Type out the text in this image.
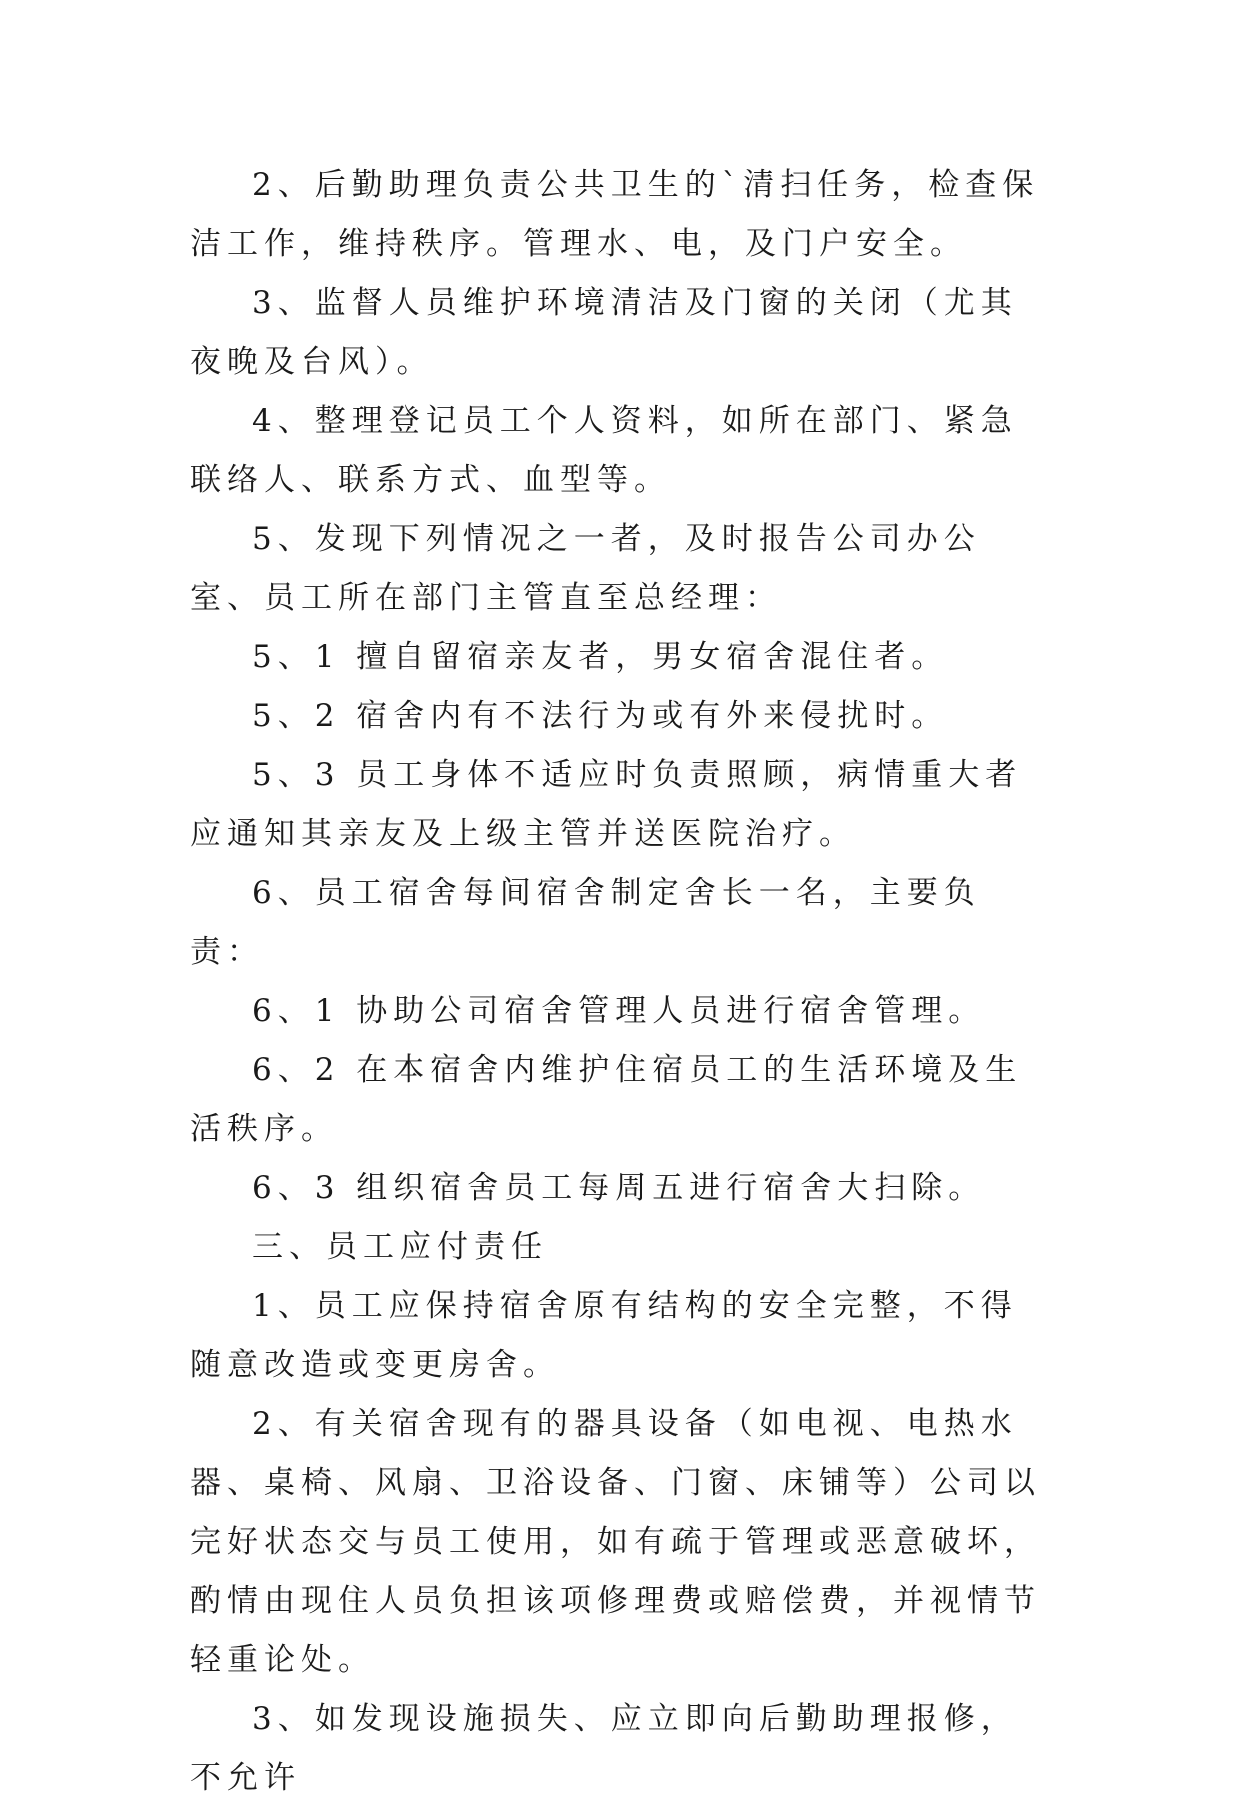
2、后勤助理负责公共卫生的`清扫任务，检查保洁工作，维持秩序。管理水、电，及门户安全。

3、监督人员维护环境清洁及门窗的关闭（尤其夜晚及台风）。

4、整理登记员工个人资料，如所在部门、紧急联络人、联系方式、血型等。

5、发现下列情况之一者，及时报告公司办公室、员工所在部门主管直至总经理：

5、1 擅自留宿亲友者，男女宿舍混住者。

5、2 宿舍内有不法行为或有外来侵扰时。

5、3 员工身体不适应时负责照顾，病情重大者应通知其亲友及上级主管并送医院治疗。

6、员工宿舍每间宿舍制定舍长一名，主要负责：

6、1 协助公司宿舍管理人员进行宿舍管理。

6、2 在本宿舍内维护住宿员工的生活环境及生活秩序。

6、3 组织宿舍员工每周五进行宿舍大扫除。

三、员工应付责任

1、员工应保持宿舍原有结构的安全完整，不得随意改造或变更房舍。

2、有关宿舍现有的器具设备（如电视、电热水器、桌椅、风扇、卫浴设备、门窗、床铺等）公司以完好状态交与员工使用，如有疏于管理或恶意破坏，酌情由现住人员负担该项修理费或赔偿费，并视情节轻重论处。

3、如发现设施损失、应立即向后勤助理报修，不允许
